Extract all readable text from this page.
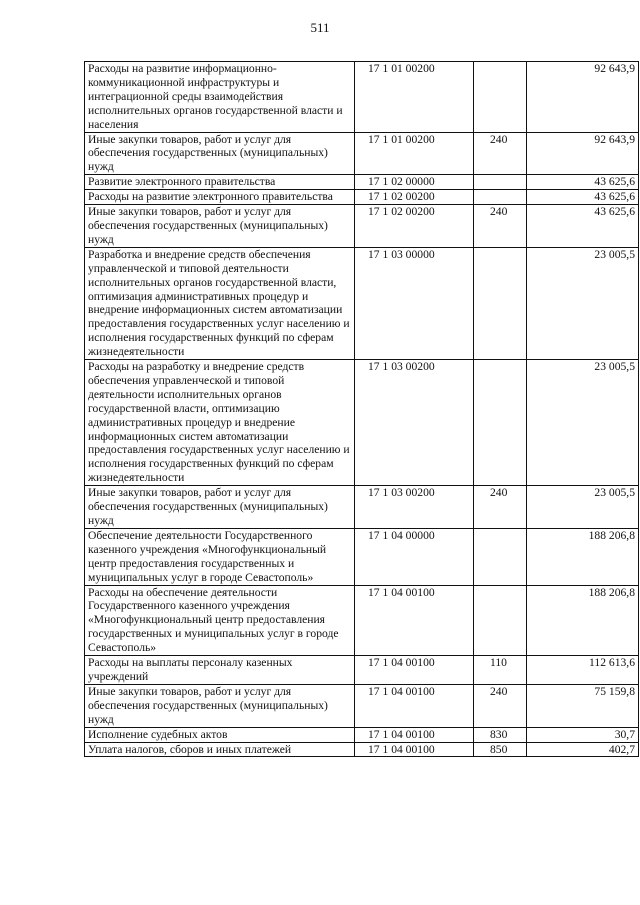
511
Расходы на развитие информационно-коммуникационной инфраструктуры и интеграционной среды взаимодействия исполнительных органов государственной власти и населения	17 1 01 00200		92 643,9
Иные закупки товаров, работ и услуг для обеспечения государственных (муниципальных) нужд	17 1 01 00200	240	92 643,9
Развитие электронного правительства	17 1 02 00000		43 625,6
Расходы на развитие электронного правительства	17 1 02 00200		43 625,6
Иные закупки товаров, работ и услуг для обеспечения государственных (муниципальных) нужд	17 1 02 00200	240	43 625,6
Разработка и внедрение средств обеспечения управленческой и типовой деятельности исполнительных органов государственной власти, оптимизация административных процедур и внедрение информационных систем автоматизации предоставления государственных услуг населению и исполнения государственных функций по сферам жизнедеятельности	17 1 03 00000		23 005,5
Расходы на разработку и внедрение средств обеспечения управленческой и типовой деятельности исполнительных органов государственной власти, оптимизацию административных процедур и внедрение информационных систем автоматизации предоставления государственных услуг населению и исполнения государственных функций по сферам жизнедеятельности	17 1 03 00200		23 005,5
Иные закупки товаров, работ и услуг для обеспечения государственных (муниципальных) нужд	17 1 03 00200	240	23 005,5
Обеспечение деятельности Государственного казенного учреждения «Многофункциональный центр предоставления государственных и муниципальных услуг в городе Севастополь»	17 1 04 00000		188 206,8
Расходы на обеспечение деятельности Государственного казенного учреждения «Многофункциональный центр предоставления государственных и муниципальных услуг в городе Севастополь»	17 1 04 00100		188 206,8
Расходы на выплаты персоналу казенных учреждений	17 1 04 00100	110	112 613,6
Иные закупки товаров, работ и услуг для обеспечения государственных (муниципальных) нужд	17 1 04 00100	240	75 159,8
Исполнение судебных актов	17 1 04 00100	830	30,7
Уплата налогов, сборов и иных платежей	17 1 04 00100	850	402,7
